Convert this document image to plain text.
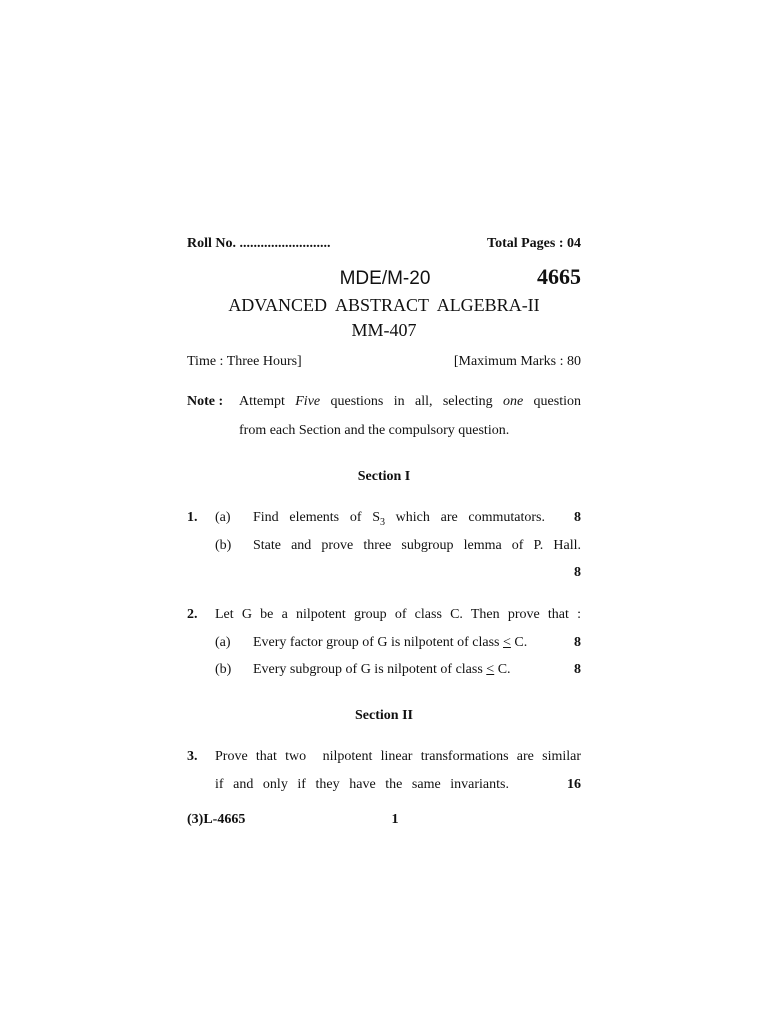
Roll No. ..........................	Total Pages : 04
MDE/M-20	4665
ADVANCED  ABSTRACT  ALGEBRA-II
MM-407
Time : Three Hours]	[Maximum Marks : 80
Note : Attempt Five questions in all, selecting one question
from each Section and the compulsory question.
Section I
1. (a) Find elements of $S_3$ which are commutators.	8
(b) State and prove three subgroup lemma of P. Hall.
8
2. Let G be a nilpotent group of class C. Then prove that :
(a) Every factor group of G is nilpotent of class ≤ C.	8
(b) Every subgroup of G is nilpotent of class ≤ C.	8
Section II
3. Prove that two  nilpotent linear transformations are similar
if and only if they have the same invariants.	16
(3)L-4665	1
